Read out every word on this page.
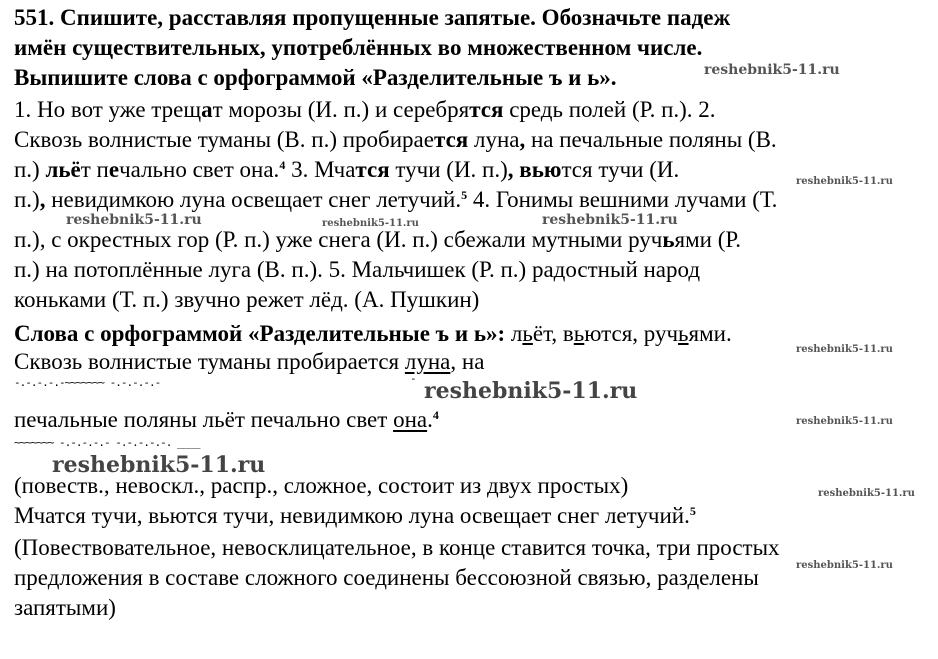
551. Спишите, расставляя пропущенные запятые. Обозначьте падеж
имён существительных, употреблённых во множественном числе.
Выпишите слова с орфограммой «Разделительные ъ и ь».
1. Но вот уже трещат морозы (И. п.) и серебрятся средь полей (Р. п.). 2.
Сквозь волнистые туманы (В. п.) пробирается луна, на печальные поляны (В.
п.) льёт печально свет она.$^4$ 3. Мчатся тучи (И. п.), вьются тучи (И.
п.), невидимкою луна освещает снег летучий.$^5$ 4. Гонимы вешними лучами (Т.
п.), с окрестных гор (Р. п.) уже снега (И. п.) сбежали мутными ручьями (Р.
п.) на потоплённые луга (В. п.). 5. Мальчишек (Р. п.) радостный народ
коньками (Т. п.) звучно режет лёд. (А. Пушкин)
Слова с орфограммой «Разделительные ъ и ь»: льёт, вьются, ручьями.
Сквозь волнистые туманы пробирается луна, на
-.-.-.-.-~~~~~~~ -.-.-.-.-	-
печальные поляны льёт печально свет она.$^4$
~~~~~~~ -.-.-.-.- -.-.-.-.-. ____
(повеств., невоскл., распр., сложное, состоит из двух простых)
Мчатся тучи, вьются тучи, невидимкою луна освещает снег летучий.$^5$
(Повествовательное, невосклицательное, в конце ставится точка, три простых
предложения в составе сложного соединены бессоюзной связью, разделены
запятыми)
reshebnik5-11.ru
reshebnik5-11.ru
reshebnik5-11.ru	reshebnik5-11.ru	reshebnik5-11.ru
reshebnik5-11.ru
reshebnik5-11.ru
reshebnik5-11.ru
reshebnik5-11.ru
reshebnik5-11.ru
reshebnik5-11.ru
